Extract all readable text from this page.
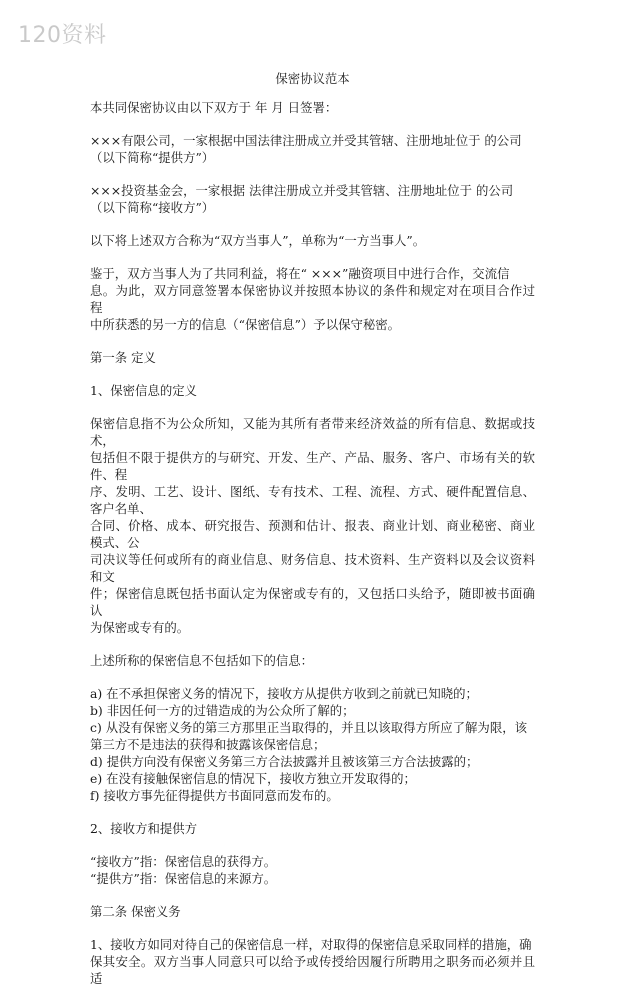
120资料
保密协议范本
本共同保密协议由以下双方于 年 月 日签署：
×××有限公司，一家根据中国法律注册成立并受其管辖、注册地址位于 的公司
（以下简称“提供方”）
×××投资基金会，一家根据 法律注册成立并受其管辖、注册地址位于 的公司
（以下简称“接收方”）
以下将上述双方合称为“双方当事人”，单称为“一方当事人”。
鉴于，双方当事人为了共同利益，将在“ ×××”融资项目中进行合作，交流信
息。为此，双方同意签署本保密协议并按照本协议的条件和规定对在项目合作过程
中所获悉的另一方的信息（“保密信息”）予以保守秘密。
第一条 定义
1、保密信息的定义
保密信息指不为公众所知，又能为其所有者带来经济效益的所有信息、数据或技术，
包括但不限于提供方的与研究、开发、生产、产品、服务、客户、市场有关的软件、程
序、发明、工艺、设计、图纸、专有技术、工程、流程、方式、硬件配置信息、客户名单、
合同、价格、成本、研究报告、预测和估计、报表、商业计划、商业秘密、商业模式、公
司决议等任何或所有的商业信息、财务信息、技术资料、生产资料以及会议资料和文
件；保密信息既包括书面认定为保密或专有的，又包括口头给予，随即被书面确认
为保密或专有的。
上述所称的保密信息不包括如下的信息：
a) 在不承担保密义务的情况下，接收方从提供方收到之前就已知晓的；
b) 非因任何一方的过错造成的为公众所了解的；
c) 从没有保密义务的第三方那里正当取得的，并且以该取得方所应了解为限，该
第三方不是违法的获得和披露该保密信息；
d) 提供方向没有保密义务第三方合法披露并且被该第三方合法披露的；
e) 在没有接触保密信息的情况下，接收方独立开发取得的；
f) 接收方事先征得提供方书面同意而发布的。
2、接收方和提供方
“接收方”指：保密信息的获得方。
“提供方”指：保密信息的来源方。
第二条 保密义务
1、接收方如同对待自己的保密信息一样，对取得的保密信息采取同样的措施，确
保其安全。双方当事人同意只可以给予或传授给因履行所聘用之职务而必须并且适
